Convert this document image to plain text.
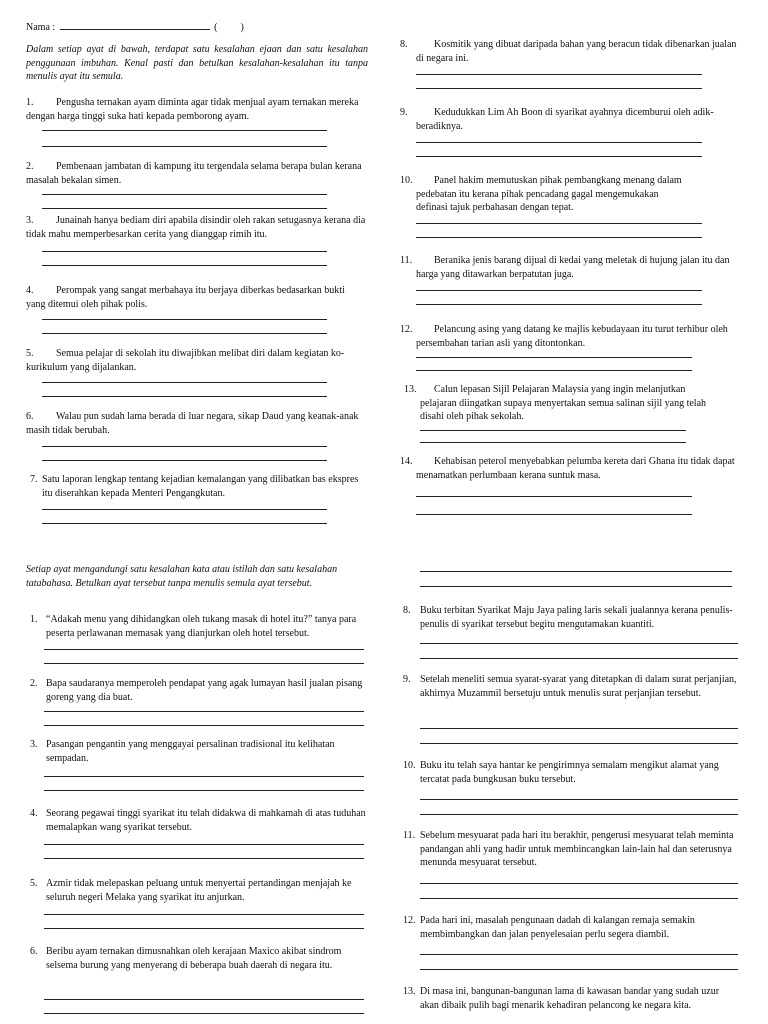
Nama :	( )
Dalam setiap ayat di bawah, terdapat satu kesalahan ejaan dan satu kesalahan penggunaan imbuhan. Kenal pasti dan betulkan kesalahan-kesalahan itu tanpa menulis ayat itu semula.
1.	Pengusha ternakan ayam diminta agar tidak menjual ayam ternakan mereka dengan harga tinggi suka hati kepada pemborong ayam.
2.	Pembenaan jambatan di kampung itu tergendala selama berapa bulan kerana masalah bekalan simen.
3.	Junainah hanya bediam diri apabila disindir oleh rakan setugasnya kerana dia tidak mahu memperbesarkan cerita yang dianggap rimih itu.
4.	Perompak yang sangat merbahaya itu berjaya diberkas bedasarkan bukti yang ditemui oleh pihak polis.
5.	Semua pelajar di sekolah itu diwajibkan melibat diri dalam kegiatan ko-kurikulum yang dijalankan.
6.	Walau pun sudah lama berada di luar negara, sikap Daud yang keanak-anak masih tidak berubah.
7. Satu laporan lengkap tentang kejadian kemalangan yang dilibatkan bas ekspres itu diserahkan kepada Menteri Pengangkutan.
8.	Kosmitik yang dibuat daripada bahan yang beracun tidak dibenarkan jualan di negara ini.
9.	Kedudukkan Lim Ah Boon di syarikat ayahnya dicemburui oleh adik-beradiknya.
10.	Panel hakim memutuskan pihak pembangkang menang dalam pedebatan itu kerana pihak pencadang gagal mengemukakan definasi tajuk perbahasan dengan tepat.
11.	Beranika jenis barang dijual di kedai yang meletak di hujung jalan itu dan harga yang ditawarkan berpatutan juga.
12.	Pelancung asing yang datang ke majlis kebudayaan itu turut terhibur oleh persembahan tarian asli yang ditontonkan.
13.	Calun lepasan Sijil Pelajaran Malaysia yang ingin melanjutkan pelajaran diingatkan supaya menyertakan semua salinan sijil yang telah disahi oleh pihak sekolah.
14.	Kehabisan peterol menyebabkan pelumba kereta dari Ghana itu tidak dapat menamatkan perlumbaan kerana suntuk masa.
Setiap ayat mengandungi satu kesalahan kata atau istilah dan satu kesalahan tatabahasa. Betulkan ayat tersebut tanpa menulis semula ayat tersebut.
1. “Adakah menu yang dihidangkan oleh tukang masak di hotel itu?” tanya para peserta perlawanan memasak yang dianjurkan oleh hotel tersebut.
2. Bapa saudaranya memperoleh pendapat yang agak lumayan hasil jualan pisang goreng yang dia buat.
3. Pasangan pengantin yang menggayai persalinan tradisional itu kelihatan sempadan.
4. Seorang pegawai tinggi syarikat itu telah didakwa di mahkamah di atas tuduhan memalapkan wang syarikat tersebut.
5. Azmir tidak melepaskan peluang untuk menyertai pertandingan menjajah ke seluruh negeri Melaka yang syarikat itu anjurkan.
6. Beribu ayam ternakan dimusnahkan oleh kerajaan Maxico akibat sindrom selsema burung yang menyerang di beberapa buah daerah di negara itu.
8. Buku terbitan Syarikat Maju Jaya paling laris sekali jualannya kerana penulis-penulis di syarikat tersebut begitu mengutamakan kuantiti.
9. Setelah meneliti semua syarat-syarat yang ditetapkan di dalam surat perjanjian, akhirnya Muzammil bersetuju untuk menulis surat perjanjian tersebut.
10. Buku itu telah saya hantar ke pengirimnya semalam mengikut alamat yang tercatat pada bungkusan buku tersebut.
11. Sebelum mesyuarat pada hari itu berakhir, pengerusi mesyuarat telah meminta pandangan ahli yang hadir untuk membincangkan lain-lain hal dan seterusnya menunda mesyuarat tersebut.
12. Pada hari ini, masalah pengunaan dadah di kalangan remaja semakin membimbangkan dan jalan penyelesaian perlu segera diambil.
13. Di masa ini, bangunan-bangunan lama di kawasan bandar yang sudah uzur akan dibaik pulih bagi menarik kehadiran pelancong ke negara kita.
